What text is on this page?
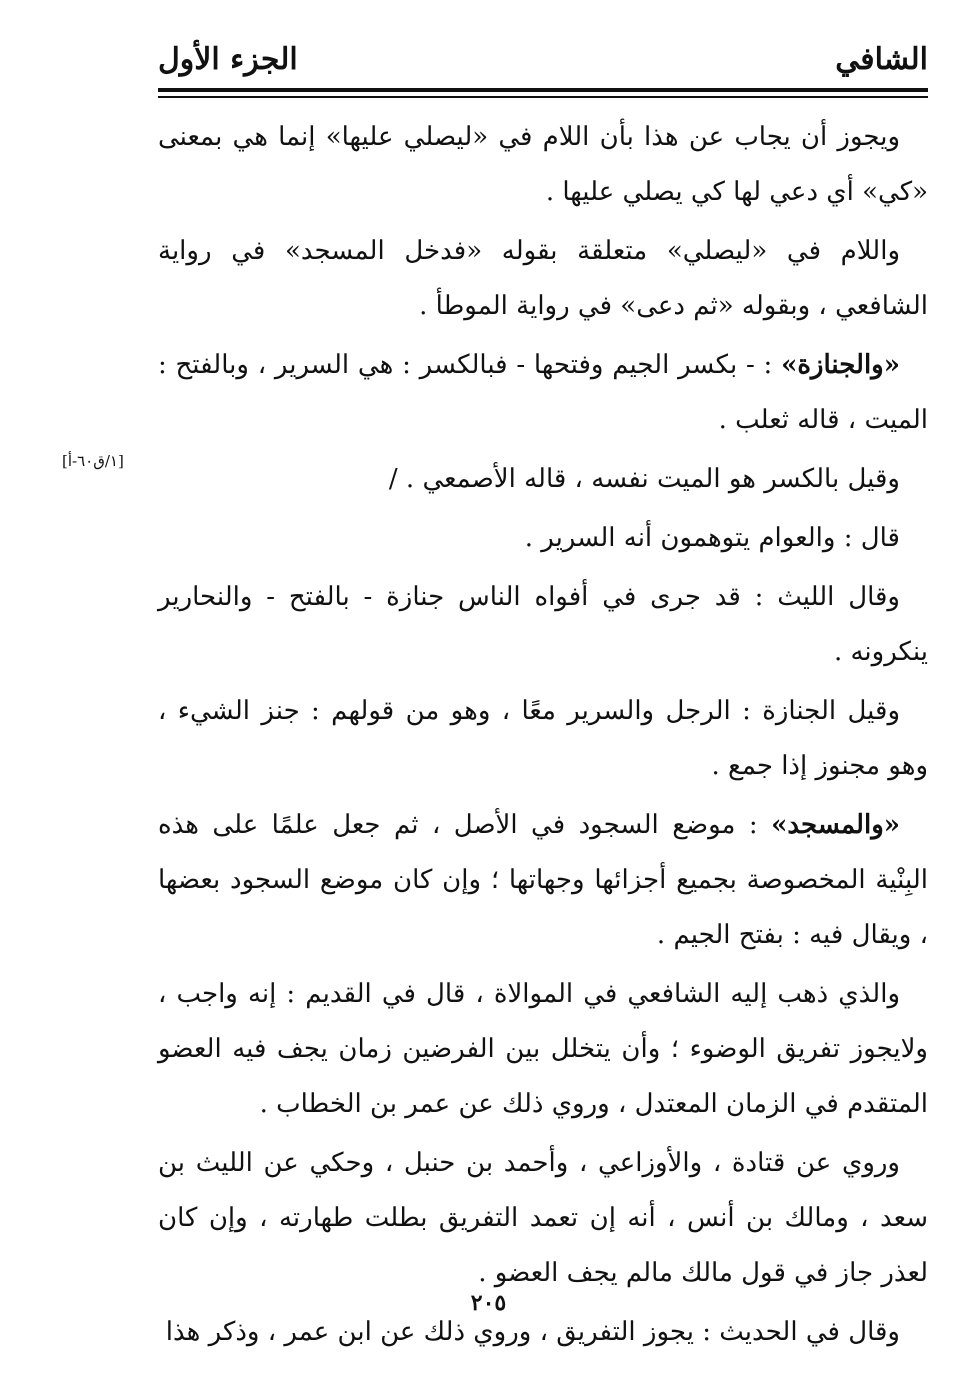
الشافي
الجزء الأول
[١/ق٦٠-أ]

ويجوز أن يجاب عن هذا بأن اللام في «ليصلي عليها» إنما هي بمعنى «كي» أي دعي لها كي يصلي عليها .

واللام في «ليصلي» متعلقة بقوله «فدخل المسجد» في رواية الشافعي ، وبقوله «ثم دعى» في رواية الموطأ .

«والجنازة» : - بكسر الجيم وفتحها - فبالكسر : هي السرير ، وبالفتح : الميت ، قاله ثعلب .

وقيل بالكسر هو الميت نفسه ، قاله الأصمعي . /

قال : والعوام يتوهمون أنه السرير .

وقال الليث : قد جرى في أفواه الناس جنازة - بالفتح - والنحارير ينكرونه .

وقيل الجنازة : الرجل والسرير معًا ، وهو من قولهم : جنز الشيء ، وهو مجنوز إذا جمع .

«والمسجد» : موضع السجود في الأصل ، ثم جعل علمًا على هذه البِنْية المخصوصة بجميع أجزائها وجهاتها ؛ وإن كان موضع السجود بعضها ، ويقال فيه : بفتح الجيم .

والذي ذهب إليه الشافعي في الموالاة ، قال في القديم : إنه واجب ، ولايجوز تفريق الوضوء ؛ وأن يتخلل بين الفرضين زمان يجف فيه العضو المتقدم في الزمان المعتدل ، وروي ذلك عن عمر بن الخطاب .

وروي عن قتادة ، والأوزاعي ، وأحمد بن حنبل ، وحكي عن الليث بن سعد ، ومالك بن أنس ، أنه إن تعمد التفريق بطلت طهارته ، وإن كان لعذر جاز في قول مالك مالم يجف العضو .

وقال في الحديث : يجوز التفريق ، وروي ذلك عن ابن عمر ، وذكر هذا

٢٠٥
